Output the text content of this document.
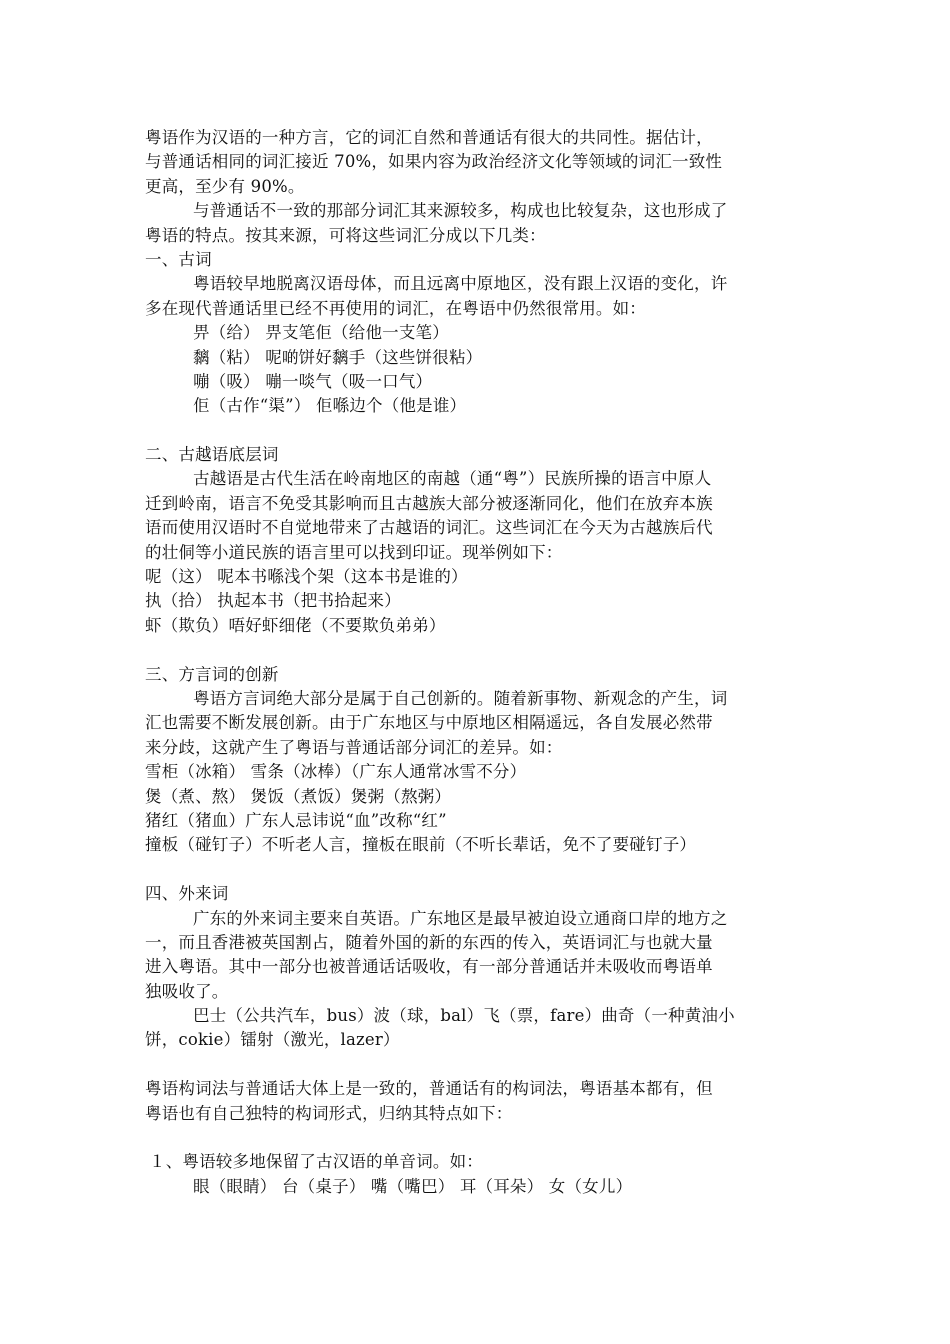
粤语作为汉语的一种方言，它的词汇自然和普通话有很大的共同性。据估计，
与普通话相同的词汇接近 70%，如果内容为政治经济文化等领域的词汇一致性
更高，至少有 90%。
与普通话不一致的那部分词汇其来源较多，构成也比较复杂，这也形成了
粤语的特点。按其来源，可将这些词汇分成以下几类：
一、古词
粤语较早地脱离汉语母体，而且远离中原地区，没有跟上汉语的变化，许
多在现代普通话里已经不再使用的词汇，在粤语中仍然很常用。如：
畀（给） 畀支笔佢（给他一支笔）
黐（粘） 呢啲饼好黐手（这些饼很粘）
嘣（吸） 嘣一啖气（吸一口气）
佢（古作“渠”） 佢喺边个（他是谁）
二、古越语底层词
古越语是古代生活在岭南地区的南越（通“粤”）民族所操的语言中原人
迁到岭南，语言不免受其影响而且古越族大部分被逐渐同化，他们在放弃本族
语而使用汉语时不自觉地带来了古越语的词汇。这些词汇在今天为古越族后代
的壮侗等小道民族的语言里可以找到印证。现举例如下：
呢（这） 呢本书喺浅个架（这本书是谁的）
执（拾） 执起本书（把书拾起来）
虾（欺负）唔好虾细佬（不要欺负弟弟）
三、方言词的创新
粤语方言词绝大部分是属于自己创新的。随着新事物、新观念的产生，词
汇也需要不断发展创新。由于广东地区与中原地区相隔遥远，各自发展必然带
来分歧，这就产生了粤语与普通话部分词汇的差异。如：
雪柜（冰箱） 雪条（冰棒）（广东人通常冰雪不分）
煲（煮、熬） 煲饭（煮饭）煲粥（熬粥）
猪红（猪血）广东人忌讳说“血”改称“红”
撞板（碰钉子）不听老人言，撞板在眼前（不听长辈话，免不了要碰钉子）
四、外来词
广东的外来词主要来自英语。广东地区是最早被迫设立通商口岸的地方之
一，而且香港被英国割占，随着外国的新的东西的传入，英语词汇与也就大量
进入粤语。其中一部分也被普通话话吸收，有一部分普通话并未吸收而粤语单
独吸收了。
巴士（公共汽车，bus）波（球，bal）飞（票，fare）曲奇（一种黄油小
饼，cokie）镭射（激光，lazer）
粤语构词法与普通话大体上是一致的，普通话有的构词法，粤语基本都有，但
粤语也有自己独特的构词形式，归纳其特点如下：
１、粤语较多地保留了古汉语的单音词。如：
眼（眼睛） 台（桌子） 嘴（嘴巴） 耳（耳朵） 女（女儿）
